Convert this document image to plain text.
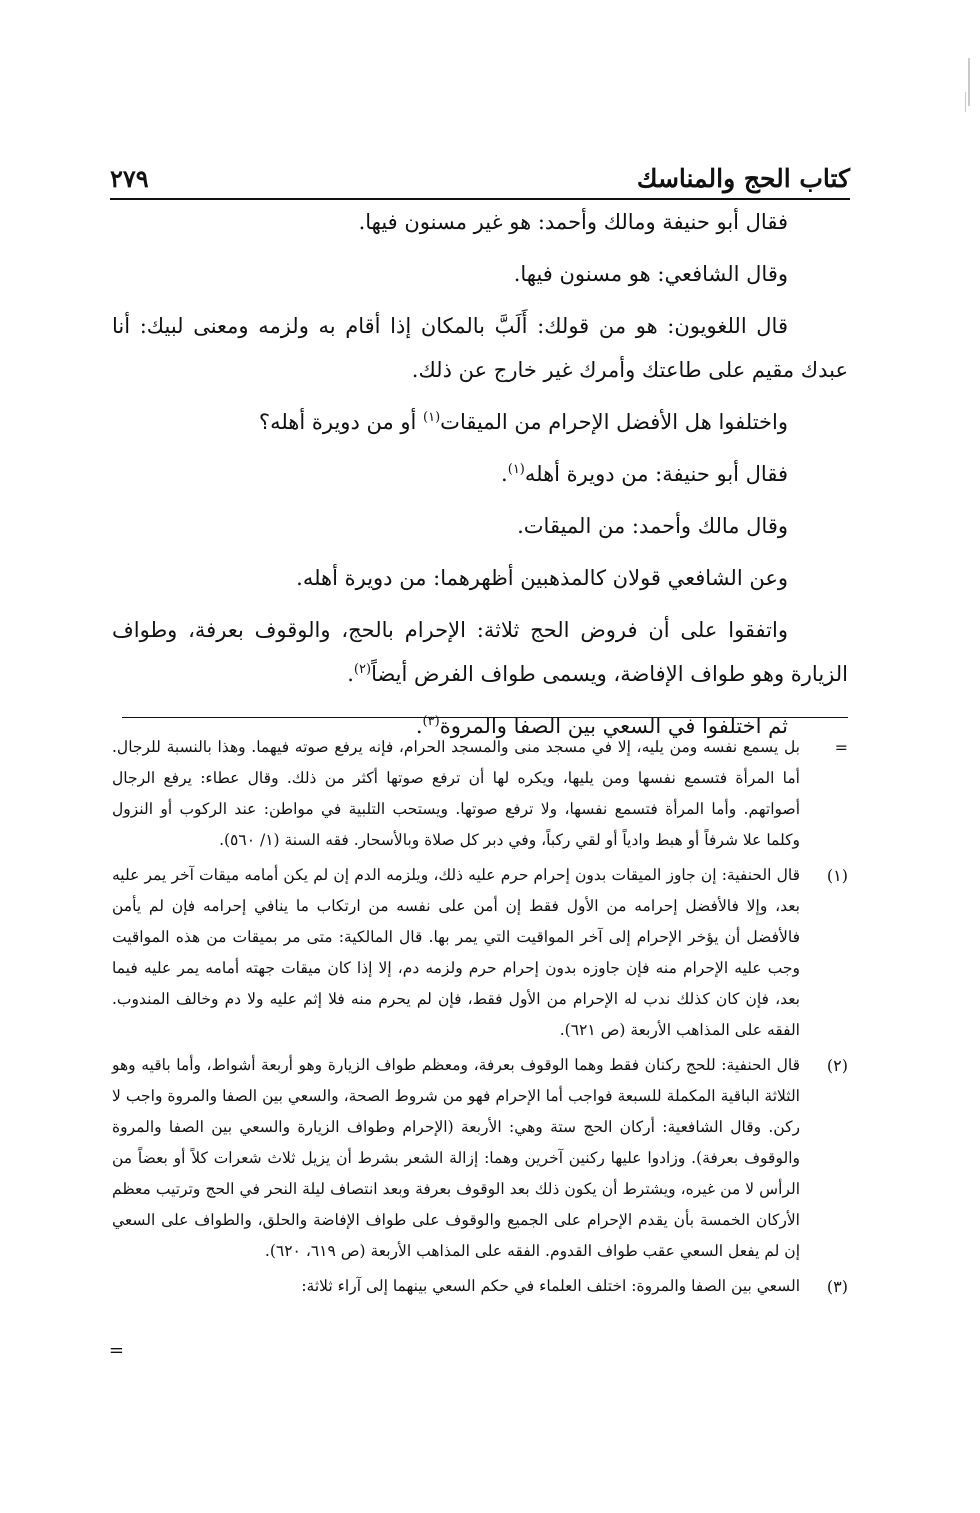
كتاب الحج والمناسك
٢٧٩

فقال أبو حنيفة ومالك وأحمد: هو غير مسنون فيها.

وقال الشافعي: هو مسنون فيها.

قال اللغويون: هو من قولك: أَلَبَّ بالمكان إذا أقام به ولزمه ومعنى لبيك: أنا عبدك مقيم على طاعتك وأمرك غير خارج عن ذلك.

واختلفوا هل الأفضل الإحرام من الميقات$^{(١)}$ أو من دويرة أهله؟

فقال أبو حنيفة: من دويرة أهله$^{(١)}$.

وقال مالك وأحمد: من الميقات.

وعن الشافعي قولان كالمذهبين أظهرهما: من دويرة أهله.

واتفقوا على أن فروض الحج ثلاثة: الإحرام بالحج، والوقوف بعرفة، وطواف الزيارة وهو طواف الإفاضة، ويسمى طواف الفرض أيضاً$^{(٢)}$.

ثم اختلفوا في السعي بين الصفا والمروة$^{(٣)}$.

=
بل يسمع نفسه ومن يليه، إلا في مسجد منى والمسجد الحرام، فإنه يرفع صوته فيهما. وهذا بالنسبة للرجال. أما المرأة فتسمع نفسها ومن يليها، ويكره لها أن ترفع صوتها أكثر من ذلك. وقال عطاء: يرفع الرجال أصواتهم. وأما المرأة فتسمع نفسها، ولا ترفع صوتها. ويستحب التلبية في مواطن: عند الركوب أو النزول وكلما علا شرفاً أو هبط وادياً أو لقي ركباً، وفي دبر كل صلاة وبالأسحار. فقه السنة (١/ ٥٦٠).
(١)
قال الحنفية: إن جاوز الميقات بدون إحرام حرم عليه ذلك، ويلزمه الدم إن لم يكن أمامه ميقات آخر يمر عليه بعد، وإلا فالأفضل إحرامه من الأول فقط إن أمن على نفسه من ارتكاب ما ينافي إحرامه فإن لم يأمن فالأفضل أن يؤخر الإحرام إلى آخر المواقيت التي يمر بها. قال المالكية: متى مر بميقات من هذه المواقيت وجب عليه الإحرام منه فإن جاوزه بدون إحرام حرم ولزمه دم، إلا إذا كان ميقات جهته أمامه يمر عليه فيما بعد، فإن كان كذلك ندب له الإحرام من الأول فقط، فإن لم يحرم منه فلا إثم عليه ولا دم وخالف المندوب. الفقه على المذاهب الأربعة (ص ٦٢١).
(٢)
قال الحنفية: للحج ركنان فقط وهما الوقوف بعرفة، ومعظم طواف الزيارة وهو أربعة أشواط، وأما باقيه وهو الثلاثة الباقية المكملة للسبعة فواجب أما الإحرام فهو من شروط الصحة، والسعي بين الصفا والمروة واجب لا ركن. وقال الشافعية: أركان الحج ستة وهي: الأربعة (الإحرام وطواف الزيارة والسعي بين الصفا والمروة والوقوف بعرفة). وزادوا عليها ركنين آخرين وهما: إزالة الشعر بشرط أن يزيل ثلاث شعرات كلاً أو بعضاً من الرأس لا من غيره، ويشترط أن يكون ذلك بعد الوقوف بعرفة وبعد انتصاف ليلة النحر في الحج وترتيب معظم الأركان الخمسة بأن يقدم الإحرام على الجميع والوقوف على طواف الإفاضة والحلق، والطواف على السعي إن لم يفعل السعي عقب طواف القدوم. الفقه على المذاهب الأربعة (ص ٦١٩، ٦٢٠).
(٣)
السعي بين الصفا والمروة: اختلف العلماء في حكم السعي بينهما إلى آراء ثلاثة:
=
